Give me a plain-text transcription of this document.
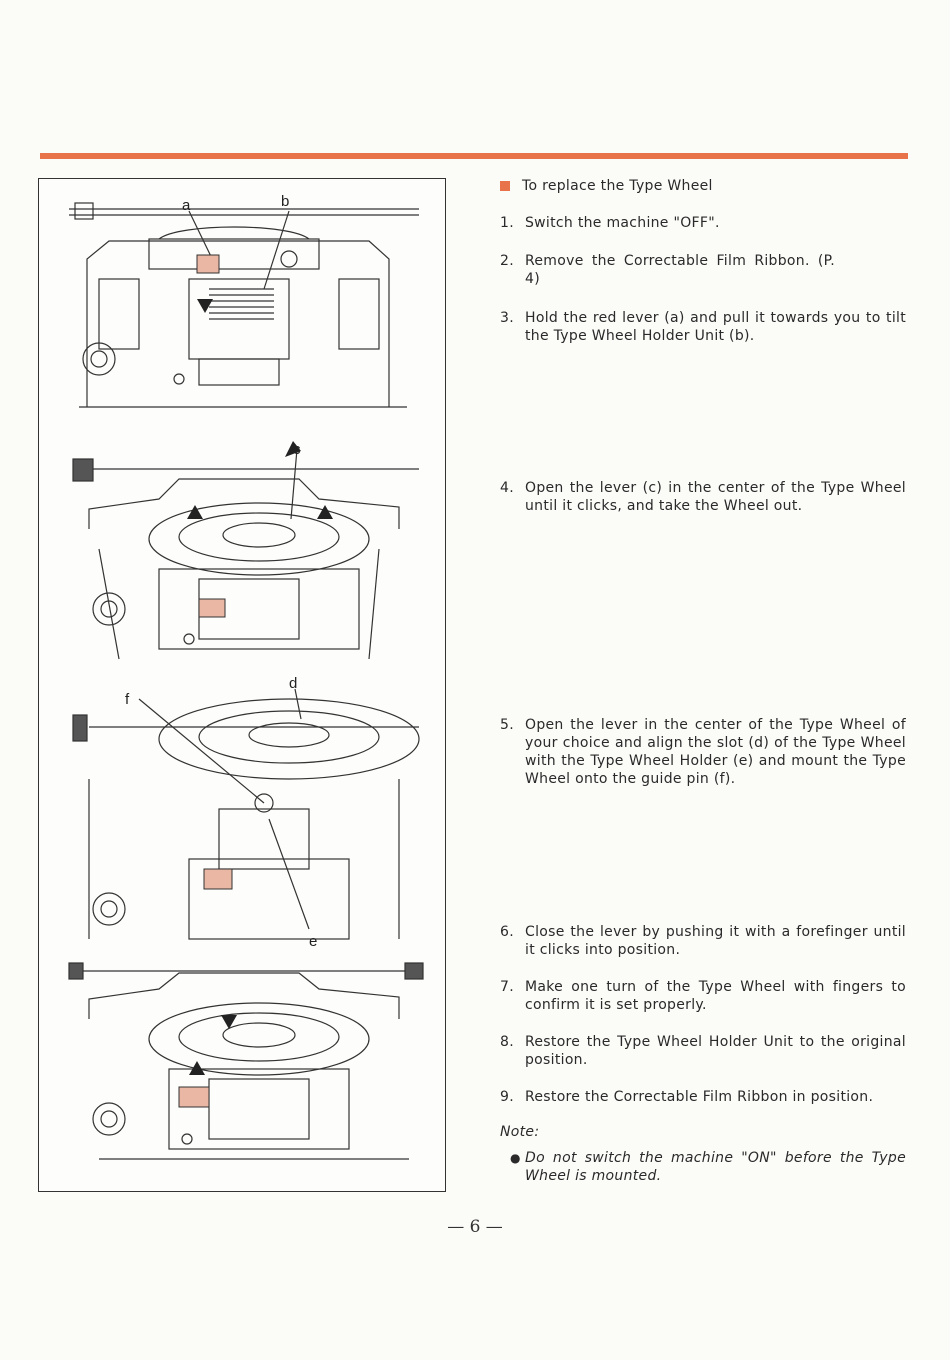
a	b
c
d
e
f
To replace the Type Wheel
1. Switch the machine "OFF".
2. Remove the Correctable Film Ribbon. (P. 4)
3. Hold the red lever (a) and pull it towards you to tilt the Type Wheel Holder Unit (b).
4. Open the lever (c) in the center of the Type Wheel until it clicks, and take the Wheel out.
5. Open the lever in the center of the Type Wheel of your choice and align the slot (d) of the Type Wheel with the Type Wheel Holder (e) and mount the Type Wheel onto the guide pin (f).
6. Close the lever by pushing it with a forefinger until it clicks into position.
7. Make one turn of the Type Wheel with fingers to confirm it is set properly.
8. Restore the Type Wheel Holder Unit to the original position.
9. Restore the Correctable Film Ribbon in position.
Note:
● Do not switch the machine "ON" before the Type Wheel is mounted.
— 6 —
